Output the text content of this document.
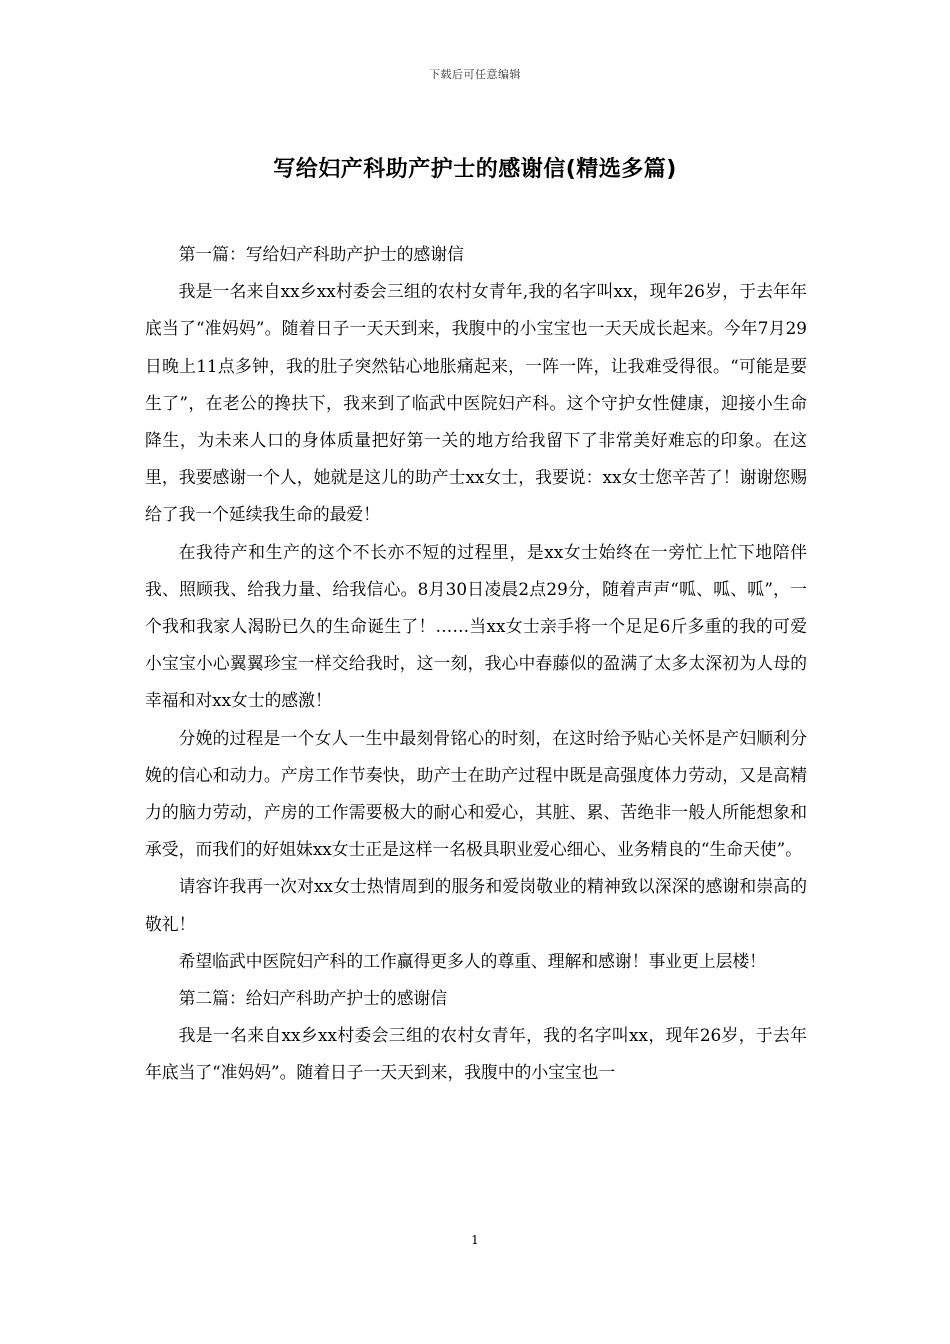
下载后可任意编辑
写给妇产科助产护士的感谢信(精选多篇)

第一篇：写给妇产科助产护士的感谢信

我是一名来自xx乡xx村委会三组的农村女青年,我的名字叫xx，现年26岁，于去年年底当了“准妈妈”。随着日子一天天到来，我腹中的小宝宝也一天天成长起来。今年7月29日晚上11点多钟，我的肚子突然钻心地胀痛起来，一阵一阵，让我难受得很。“可能是要生了”，在老公的搀扶下，我来到了临武中医院妇产科。这个守护女性健康，迎接小生命降生，为未来人口的身体质量把好第一关的地方给我留下了非常美好难忘的印象。在这里，我要感谢一个人，她就是这儿的助产士xx女士，我要说：xx女士您辛苦了！谢谢您赐给了我一个延续我生命的最爱！

在我待产和生产的这个不长亦不短的过程里，是xx女士始终在一旁忙上忙下地陪伴我、照顾我、给我力量、给我信心。8月30日凌晨2点29分，随着声声“呱、呱、呱”，一个我和我家人渴盼已久的生命诞生了！……当xx女士亲手将一个足足6斤多重的我的可爱小宝宝小心翼翼珍宝一样交给我时，这一刻，我心中春藤似的盈满了太多太深初为人母的幸福和对xx女士的感激！

分娩的过程是一个女人一生中最刻骨铭心的时刻，在这时给予贴心关怀是产妇顺利分娩的信心和动力。产房工作节奏快，助产士在助产过程中既是高强度体力劳动，又是高精力的脑力劳动，产房的工作需要极大的耐心和爱心，其脏、累、苦绝非一般人所能想象和承受，而我们的好姐妹xx女士正是这样一名极具职业爱心细心、业务精良的“生命天使”。

请容许我再一次对xx女士热情周到的服务和爱岗敬业的精神致以深深的感谢和崇高的敬礼！

希望临武中医院妇产科的工作赢得更多人的尊重、理解和感谢！事业更上层楼！

第二篇：给妇产科助产护士的感谢信

我是一名来自xx乡xx村委会三组的农村女青年，我的名字叫xx，现年26岁，于去年年底当了“准妈妈”。随着日子一天天到来，我腹中的小宝宝也一

1
